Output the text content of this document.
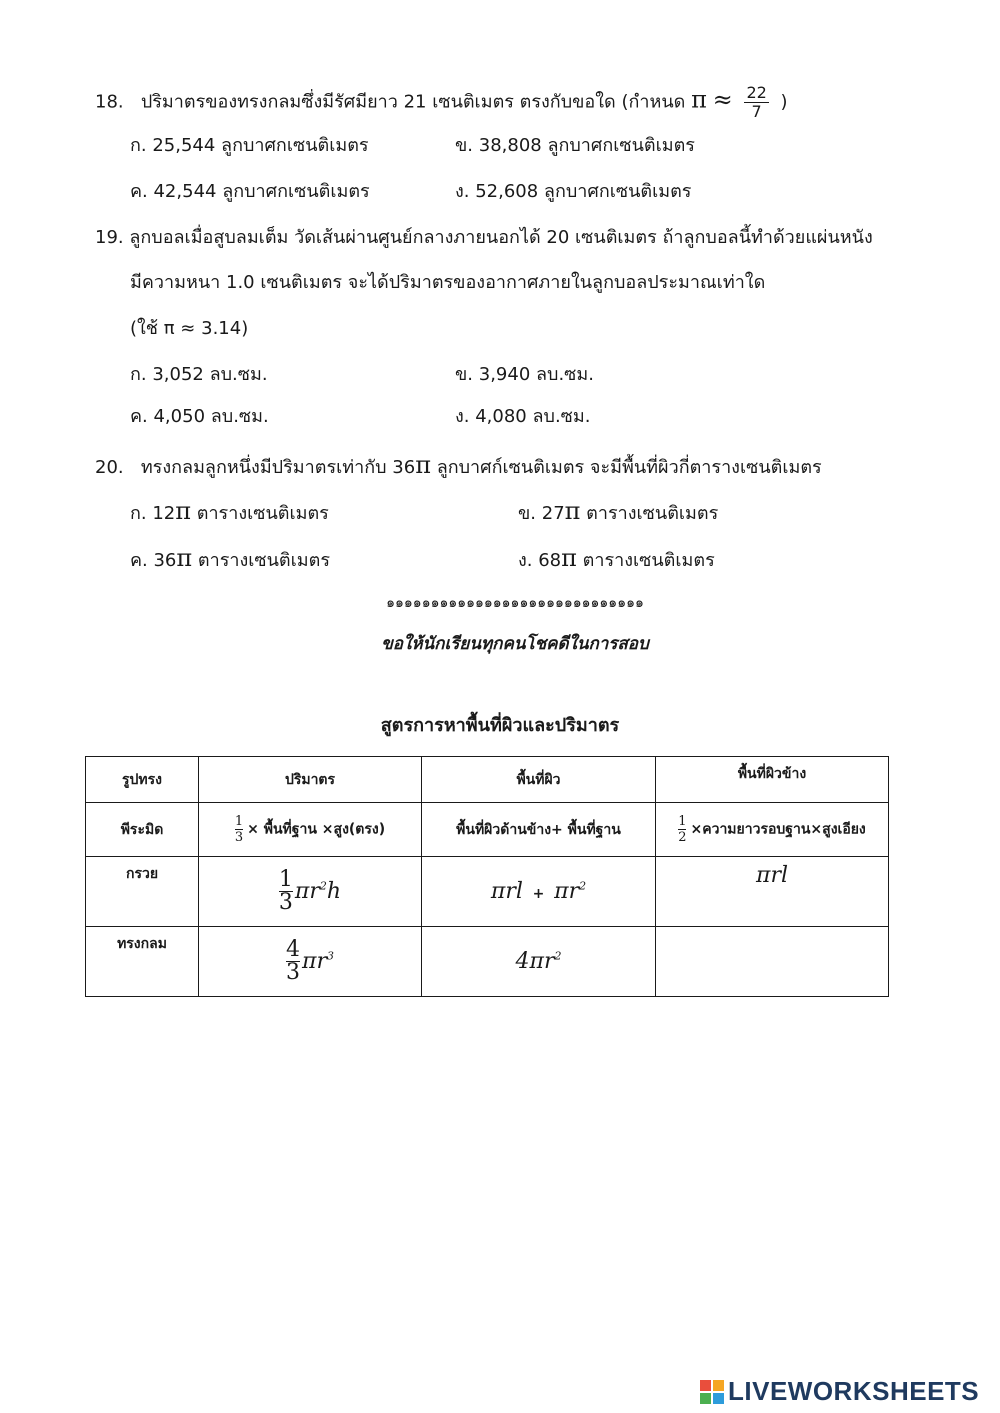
18. ปริมาตรของทรงกลมซึ่งมีรัศมียาว 21 เซนติเมตร ตรงกับขอใด (กำหนด $\pi \approx \frac{22}{7}$ )
ก. 25,544 ลูกบาศกเซนติเมตร	ข. 38,808 ลูกบาศกเซนติเมตร
ค. 42,544 ลูกบาศกเซนติเมตร	ง. 52,608 ลูกบาศกเซนติเมตร
19. ลูกบอลเมื่อสูบลมเต็ม วัดเส้นผ่านศูนย์กลางภายนอกได้ 20 เซนติเมตร ถ้าลูกบอลนี้ทำด้วยแผ่นหนัง
มีความหนา 1.0 เซนติเมตร จะได้ปริมาตรของอากาศภายในลูกบอลประมาณเท่าใด
(ใช้ π ≈ 3.14)
ก. 3,052 ลบ.ซม.	ข. 3,940 ลบ.ซม.
ค. 4,050 ลบ.ซม.	ง. 4,080 ลบ.ซม.
20. ทรงกลมลูกหนึ่งมีปริมาตรเท่ากับ 36π ลูกบาศก์เซนติเมตร จะมีพื้นที่ผิวกี่ตารางเซนติเมตร
ก. 12π ตารางเซนติเมตร	ข. 27π ตารางเซนติเมตร
ค. 36π ตารางเซนติเมตร	ง. 68π ตารางเซนติเมตร
๑๑๑๑๑๑๑๑๑๑๑๑๑๑๑๑๑๑๑๑๑๑๑๑๑๑๑๑๑
ขอให้นักเรียนทุกคนโชคดีในการสอบ
สูตรการหาพื้นที่ผิวและปริมาตร
รูปทรง	ปริมาตร	พื้นที่ผิว	พื้นที่ผิวข้าง
พีระมิด	$\frac{1}{3}$ × พื้นที่ฐาน ×สูง(ตรง)	พื้นที่ผิวด้านข้าง+ พื้นที่ฐาน	$\frac{1}{2}$ ×ความยาวรอบฐาน×สูงเอียง
กรวย	$\frac{1}{3} \pi r^2h$	$\pi rl + \pi r^2$	πrl
ทรงกลม	$\frac{4}{3} \pi r^3$	$4\pi r^2$	
LIVEWORKSHEETS
